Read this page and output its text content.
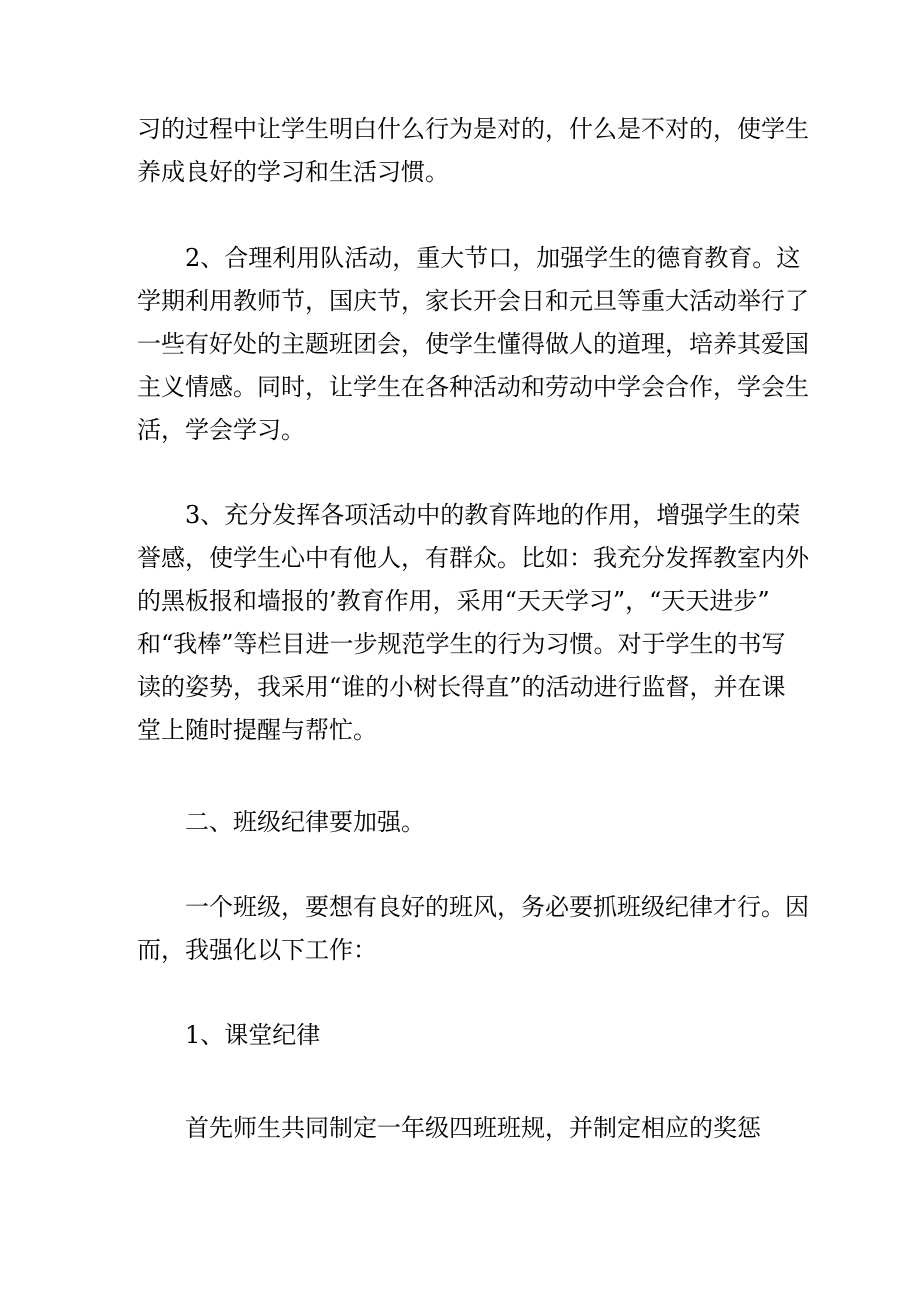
习的过程中让学生明白什么行为是对的，什么是不对的，使学生
养成良好的学习和生活习惯。

2、合理利用队活动，重大节口，加强学生的德育教育。这
学期利用教师节，国庆节，家长开会日和元旦等重大活动举行了
一些有好处的主题班团会，使学生懂得做人的道理，培养其爱国
主义情感。同时，让学生在各种活动和劳动中学会合作，学会生
活，学会学习。

3、充分发挥各项活动中的教育阵地的作用，增强学生的荣
誉感，使学生心中有他人，有群众。比如：我充分发挥教室内外
的黑板报和墙报的’教育作用，采用“天天学习”，“天天进步”
和“我棒”等栏目进一步规范学生的行为习惯。对于学生的书写
读的姿势，我采用“谁的小树长得直”的活动进行监督，并在课
堂上随时提醒与帮忙。

二、班级纪律要加强。

一个班级，要想有良好的班风，务必要抓班级纪律才行。因
而，我强化以下工作：

1、课堂纪律

首先师生共同制定一年级四班班规，并制定相应的奖惩
